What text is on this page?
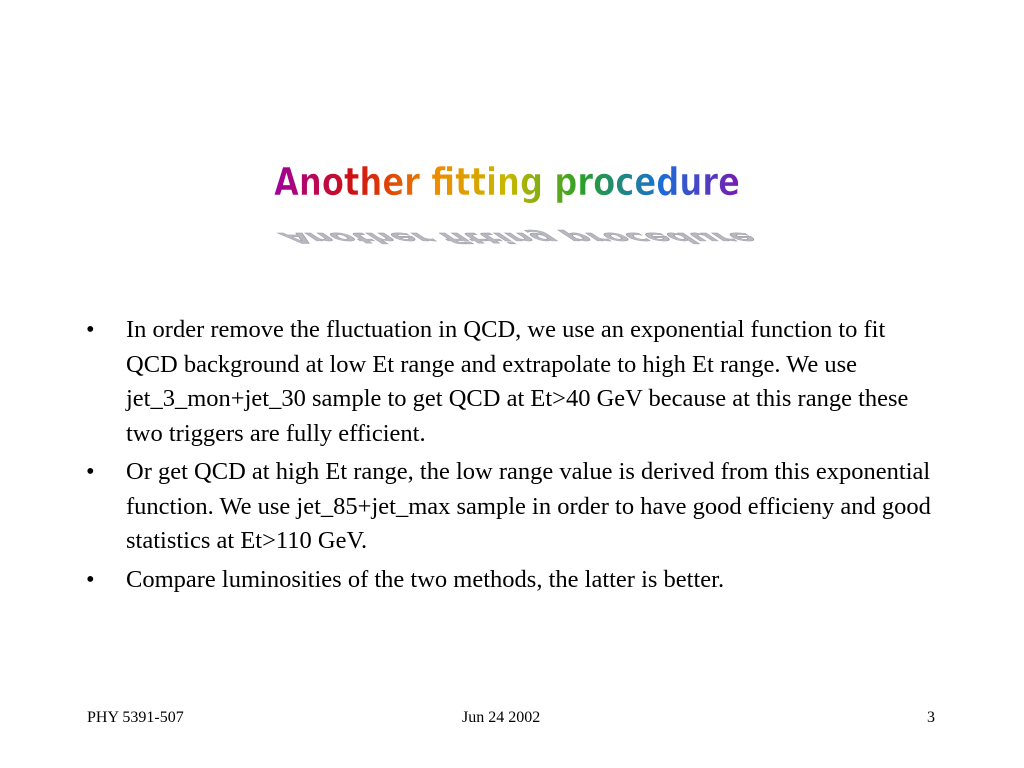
Another fitting procedure
Another fitting procedure
• In order remove the fluctuation in QCD, we use an exponential function to fit QCD background at low Et range and extrapolate to high Et range. We use jet_3_mon+jet_30 sample to get QCD at Et>40 GeV because at this range these two triggers are fully efficient.
• Or get QCD at high Et range, the low range value is derived from this exponential function. We use jet_85+jet_max sample in order to have good efficieny and good statistics at Et>110 GeV.
• Compare luminosities of the two methods, the latter is better.
PHY 5391-507	Jun 24 2002	3
